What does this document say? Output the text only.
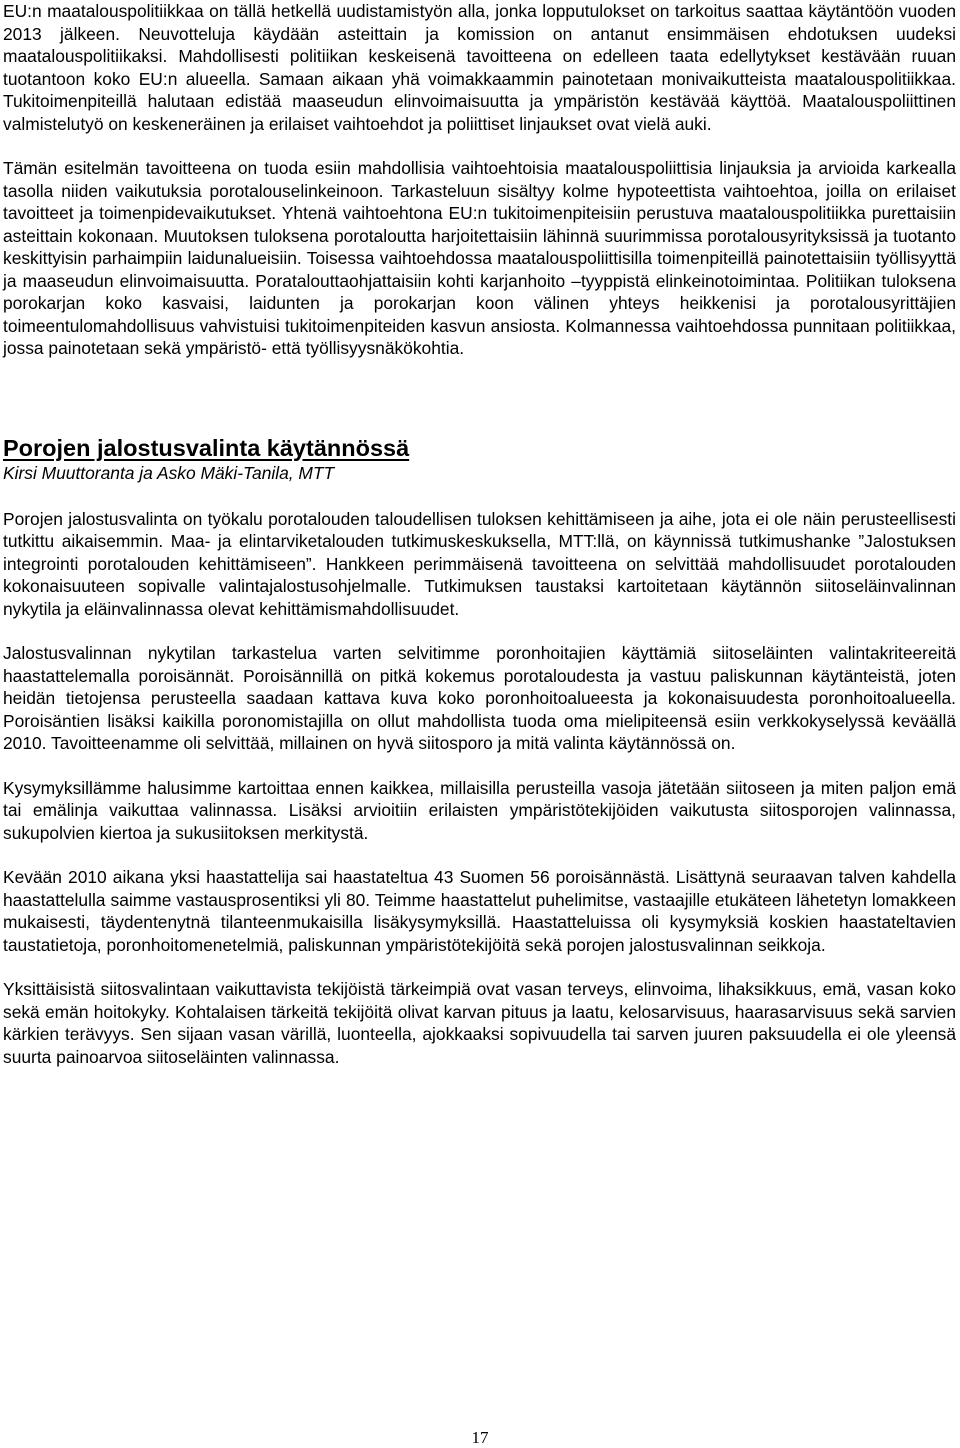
EU:n maatalouspolitiikkaa on tällä hetkellä uudistamistyön alla, jonka lopputulokset on tarkoitus saattaa käytäntöön vuoden 2013 jälkeen. Neuvotteluja käydään asteittain ja komission on antanut ensimmäisen ehdotuksen uudeksi maatalouspolitiikaksi. Mahdollisesti politiikan keskeisenä tavoitteena on edelleen taata edellytykset kestävään ruuan tuotantoon koko EU:n alueella. Samaan aikaan yhä voimakkaammin painotetaan monivaikutteista maatalouspolitiikkaa. Tukitoimenpiteillä halutaan edistää maaseudun elinvoimaisuutta ja ympäristön kestävää käyttöä. Maatalouspoliittinen valmistelutyö on keskeneräinen ja erilaiset vaihtoehdot ja poliittiset linjaukset ovat vielä auki.

Tämän esitelmän tavoitteena on tuoda esiin mahdollisia vaihtoehtoisia maatalouspoliittisia linjauksia ja arvioida karkealla tasolla niiden vaikutuksia porotalouselinkeinoon. Tarkasteluun sisältyy kolme hypoteettista vaihtoehtoa, joilla on erilaiset tavoitteet ja toimenpidevaikutukset. Yhtenä vaihtoehtona EU:n tukitoimenpiteisiin perustuva maatalouspolitiikka purettaisiin asteittain kokonaan. Muutoksen tuloksena porotaloutta harjoitettaisiin lähinnä suurimmissa porotalousyrityksissä ja tuotanto keskittyisin parhaimpiin laidunalueisiin. Toisessa vaihtoehdossa maatalouspoliittisilla toimenpiteillä painotettaisiin työllisyyttä ja maaseudun elinvoimaisuutta. Poratalouttaohjattaisiin kohti karjanhoito –tyyppistä elinkeinotoimintaa. Politiikan tuloksena porokarjan koko kasvaisi, laidunten ja porokarjan koon välinen yhteys heikkenisi ja porotalousyrittäjien toimeentulomahdollisuus vahvistuisi tukitoimenpiteiden kasvun ansiosta. Kolmannessa vaihtoehdossa punnitaan politiikkaa, jossa painotetaan sekä ympäristö- että työllisyysnäkökohtia.

Porojen jalostusvalinta käytännössä

Kirsi Muuttoranta ja Asko Mäki-Tanila, MTT

Porojen jalostusvalinta on työkalu porotalouden taloudellisen tuloksen kehittämiseen ja aihe, jota ei ole näin perusteellisesti tutkittu aikaisemmin. Maa- ja elintarviketalouden tutkimuskeskuksella, MTT:llä, on käynnissä tutkimushanke ”Jalostuksen integrointi porotalouden kehittämiseen”. Hankkeen perimmäisenä tavoitteena on selvittää mahdollisuudet porotalouden kokonaisuuteen sopivalle valintajalostusohjelmalle. Tutkimuksen taustaksi kartoitetaan käytännön siitoseläinvalinnan nykytila ja eläinvalinnassa olevat kehittämismahdollisuudet.

Jalostusvalinnan nykytilan tarkastelua varten selvitimme poronhoitajien käyttämiä siitoseläinten valintakriteereitä haastattelemalla poroisännät. Poroisännillä on pitkä kokemus porotaloudesta ja vastuu paliskunnan käytänteistä, joten heidän tietojensa perusteella saadaan kattava kuva koko poronhoitoalueesta ja kokonaisuudesta poronhoitoalueella. Poroisäntien lisäksi kaikilla poronomistajilla on ollut mahdollista tuoda oma mielipiteensä esiin verkkokyselyssä keväällä 2010. Tavoitteenamme oli selvittää, millainen on hyvä siitosporo ja mitä valinta käytännössä on.

Kysymyksillämme halusimme kartoittaa ennen kaikkea, millaisilla perusteilla vasoja jätetään siitoseen ja miten paljon emä tai emälinja vaikuttaa valinnassa. Lisäksi arvioitiin erilaisten ympäristötekijöiden vaikutusta siitosporojen valinnassa, sukupolvien kiertoa ja sukusiitoksen merkitystä.

Kevään 2010 aikana yksi haastattelija sai haastateltua 43 Suomen 56 poroisännästä. Lisättynä seuraavan talven kahdella haastattelulla saimme vastausprosentiksi yli 80. Teimme haastattelut puhelimitse, vastaajille etukäteen lähetetyn lomakkeen mukaisesti, täydentenytnä tilanteenmukaisilla lisäkysymyksillä. Haastatteluissa oli kysymyksiä koskien haastateltavien taustatietoja, poronhoitomenetelmiä, paliskunnan ympäristötekijöitä sekä porojen jalostusvalinnan seikkoja.

Yksittäisistä siitosvalintaan vaikuttavista tekijöistä tärkeimpiä ovat vasan terveys, elinvoima, lihaksikkuus, emä, vasan koko sekä emän hoitokyky. Kohtalaisen tärkeitä tekijöitä olivat karvan pituus ja laatu, kelosarvisuus, haarasarvisuus sekä sarvien kärkien terävyys. Sen sijaan vasan värillä, luonteella, ajokkaaksi sopivuudella tai sarven juuren paksuudella ei ole yleensä suurta painoarvoa siitoseläinten valinnassa.

17
